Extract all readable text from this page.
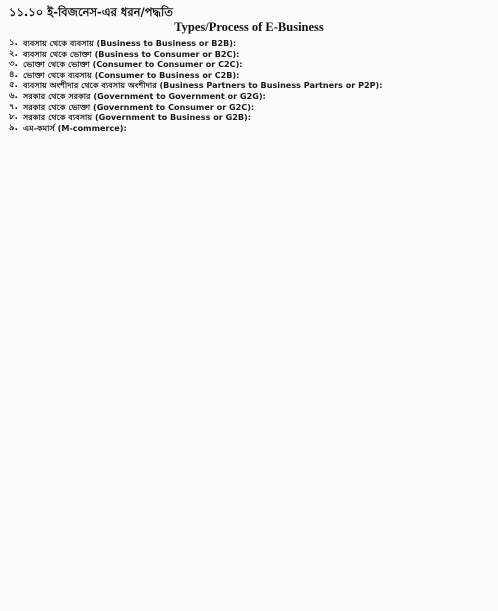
১১.১০ ই-বিজনেস-এর ধরন/পদ্ধতি
Types/Process of E-Business

১. ব্যবসায় থেকে ব্যবসায় (Business to Business or B2B):
২. ব্যবসায় থেকে ভোক্তা (Business to Consumer or B2C):
৩. ভোক্তা থেকে ভোক্তা (Consumer to Consumer or C2C):
৪. ভোক্তা থেকে ব্যবসায় (Consumer to Business or C2B):
৫. ব্যবসায় অংশীদার থেকে ব্যবসায় অংশীদার (Business Partners to Business Partners or P2P):
৬. সরকার থেকে সরকার (Government to Government or G2G):
৭. সরকার থেকে ভোক্তা (Government to Consumer or G2C):
৮. সরকার থেকে ব্যবসায় (Government to Business or G2B):
৯. এম-কমার্স (M-commerce):
